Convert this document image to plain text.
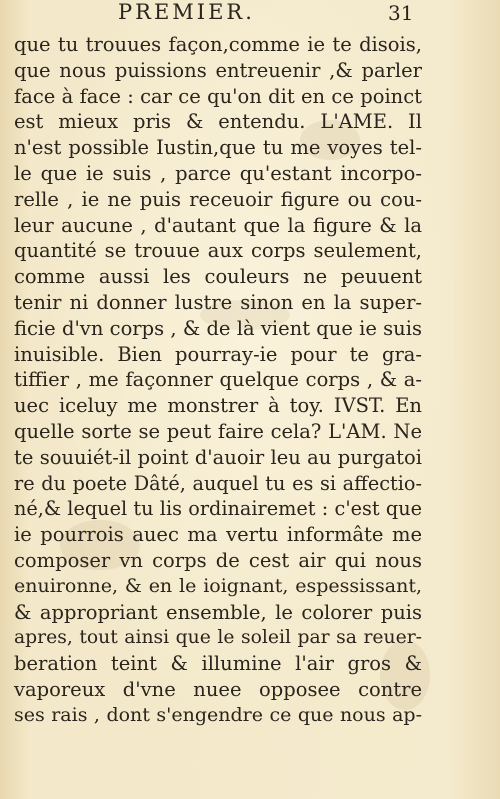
PREMIER.	31
que tu trouues façon,comme ie te disois,
que nous puissions entreuenir ,& parler
face à face : car ce qu'on dit en ce poinct
est mieux pris & entendu. L'AME. Il
n'est possible Iustin,que tu me voyes tel-
le que ie suis , parce qu'estant incorpo-
relle , ie ne puis receuoir figure ou cou-
leur aucune , d'autant que la figure & la
quantité se trouue aux corps seulement,
comme aussi les couleurs ne peuuent
tenir ni donner lustre sinon en la super-
ficie d'vn corps , & de là vient que ie suis
inuisible. Bien pourray-ie pour te gra-
tiffier , me façonner quelque corps , & a-
uec iceluy me monstrer à toy. IVST. En
quelle sorte se peut faire cela? L'AM. Ne
te souuiét-il point d'auoir leu au purgatoi
re du poete Dâté, auquel tu es si affectio-
né,& lequel tu lis ordinairemet : c'est que
ie pourrois auec ma vertu informâte me
composer vn corps de cest air qui nous
enuironne, & en le ioignant, espessissant,
& appropriant ensemble, le colorer puis
apres, tout ainsi que le soleil par sa reuer-
beration teint & illumine l'air gros &
vaporeux d'vne nuee opposee contre
ses rais , dont s'engendre ce que nous ap-
